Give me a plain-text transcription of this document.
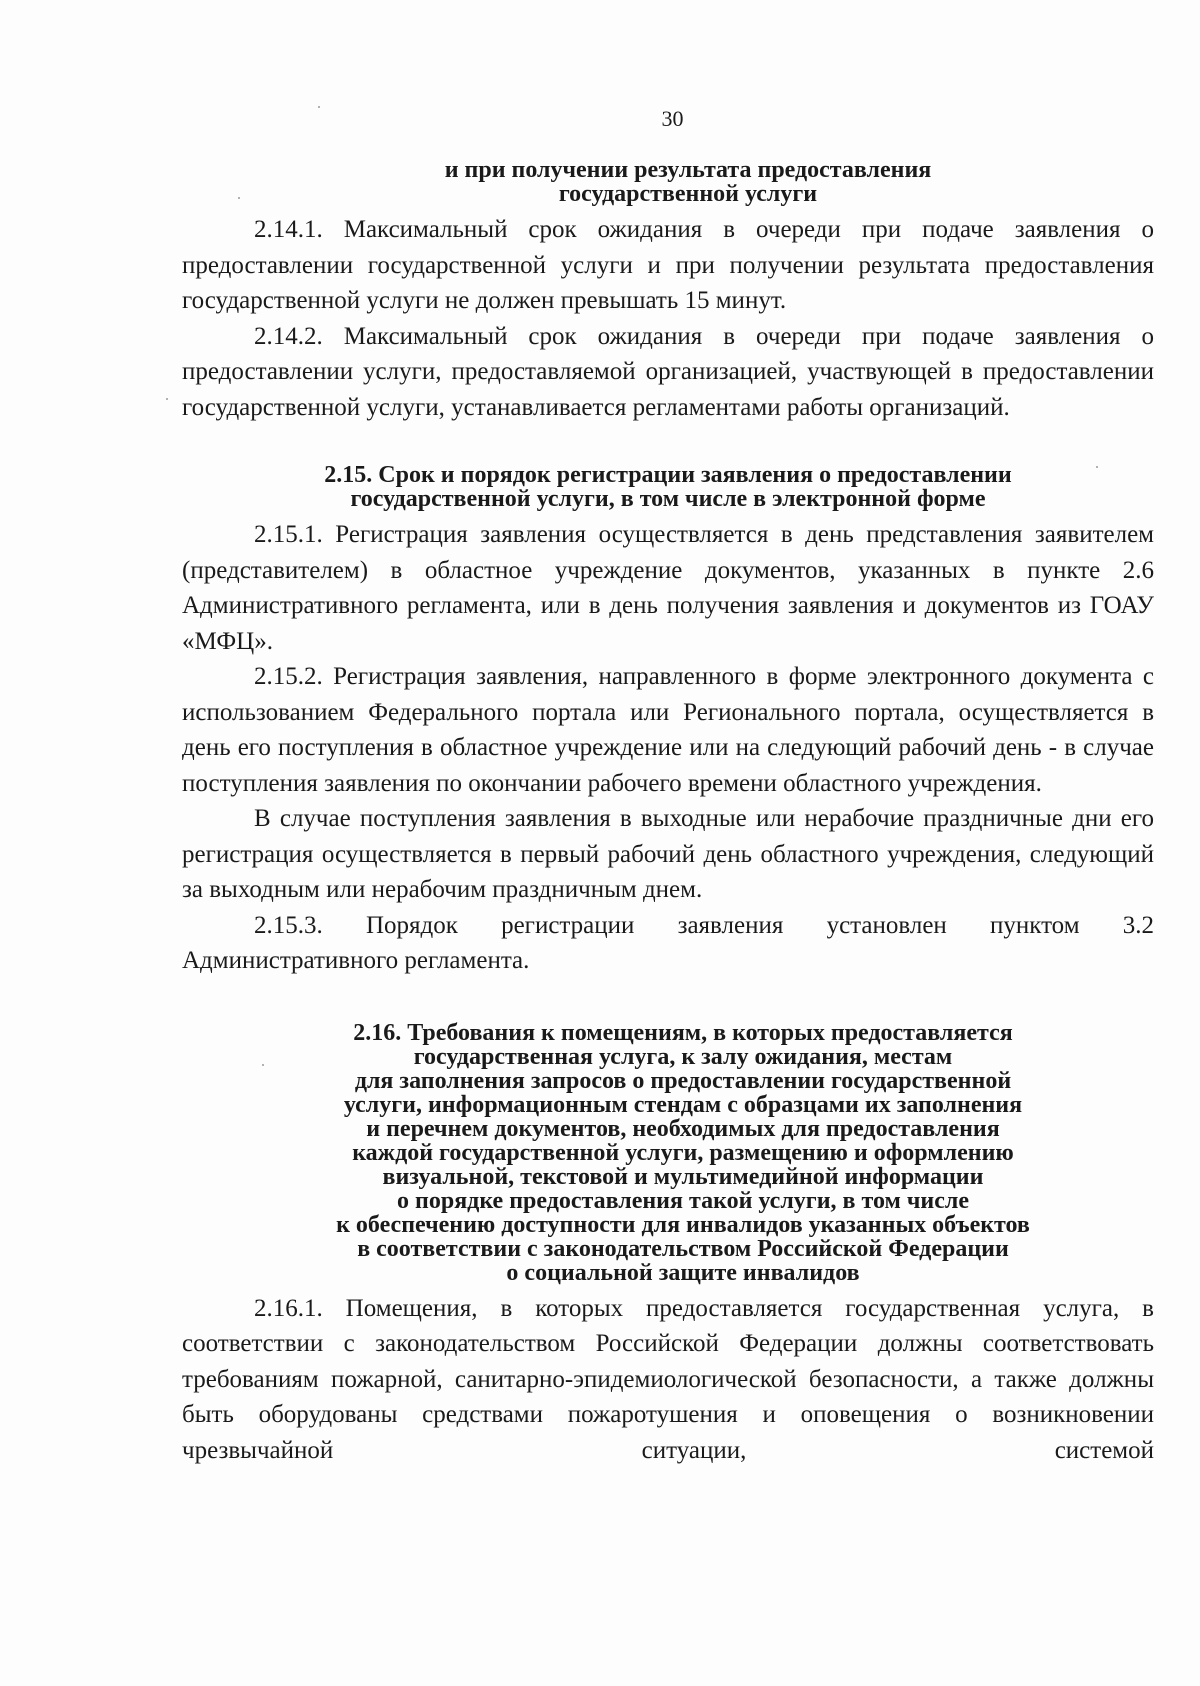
30
и при получении результата предоставления
государственной услуги

2.14.1. Максимальный срок ожидания в очереди при подаче заявления о предоставлении государственной услуги и при получении результата предоставления государственной услуги не должен превышать 15 минут.

2.14.2. Максимальный срок ожидания в очереди при подаче заявления о предоставлении услуги, предоставляемой организацией, участвующей в предоставлении государственной услуги, устанавливается регламентами работы организаций.

2.15. Срок и порядок регистрации заявления о предоставлении
государственной услуги, в том числе в электронной форме

2.15.1. Регистрация заявления осуществляется в день представления заявителем (представителем) в областное учреждение документов, указанных в пункте 2.6 Административного регламента, или в день получения заявления и документов из ГОАУ «МФЦ».

2.15.2. Регистрация заявления, направленного в форме электронного документа с использованием Федерального портала или Регионального портала, осуществляется в день его поступления в областное учреждение или на следующий рабочий день - в случае поступления заявления по окончании рабочего времени областного учреждения.

В случае поступления заявления в выходные или нерабочие праздничные дни его регистрация осуществляется в первый рабочий день областного учреждения, следующий за выходным или нерабочим праздничным днем.

2.15.3. Порядок регистрации заявления установлен пунктом 3.2 Административного регламента.

2.16. Требования к помещениям, в которых предоставляется
государственная услуга, к залу ожидания, местам
для заполнения запросов о предоставлении государственной
услуги, информационным стендам с образцами их заполнения
и перечнем документов, необходимых для предоставления
каждой государственной услуги, размещению и оформлению
визуальной, текстовой и мультимедийной информации
о порядке предоставления такой услуги, в том числе
к обеспечению доступности для инвалидов указанных объектов
в соответствии с законодательством Российской Федерации
о социальной защите инвалидов

2.16.1. Помещения, в которых предоставляется государственная услуга, в соответствии с законодательством Российской Федерации должны соответствовать требованиям пожарной, санитарно-эпидемиологической безопасности, а также должны быть оборудованы средствами пожаротушения и оповещения о возникновении чрезвычайной ситуации, системой
